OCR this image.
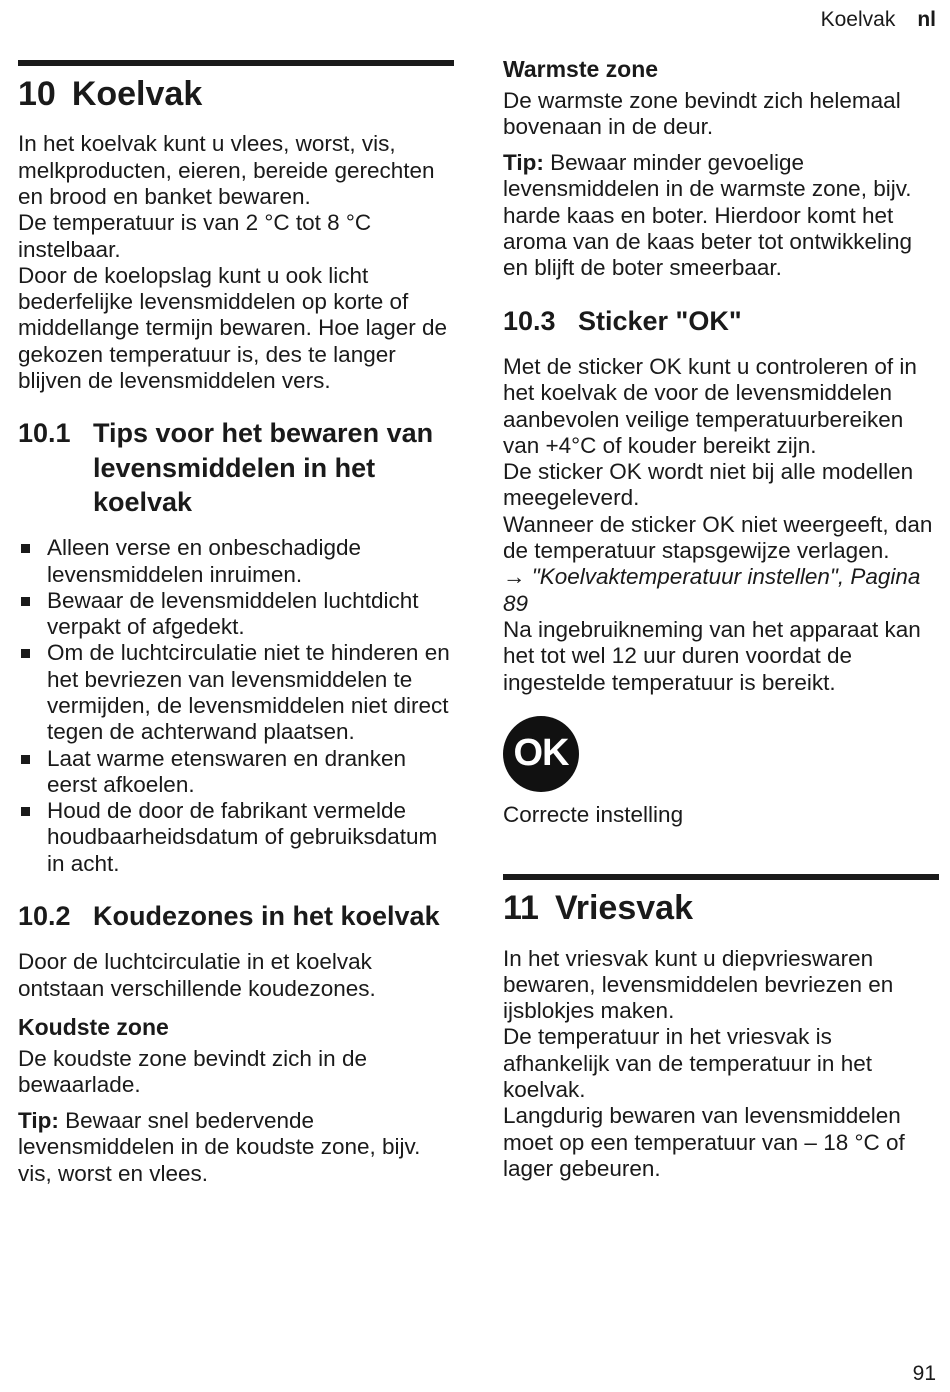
Koelvak nl
10 Koelvak

In het koelvak kunt u vlees, worst, vis, melkproducten, eieren, bereide gerechten en brood en banket bewaren.

De temperatuur is van 2 °C tot 8 °C instelbaar.

Door de koelopslag kunt u ook licht bederfelijke levensmiddelen op korte of middellange termijn bewaren. Hoe lager de gekozen temperatuur is, des te langer blijven de levensmiddelen vers.

10.1 Tips voor het bewaren van levensmiddelen in het koelvak
Alleen verse en onbeschadigde levensmiddelen inruimen.
Bewaar de levensmiddelen luchtdicht verpakt of afgedekt.
Om de luchtcirculatie niet te hinderen en het bevriezen van levensmiddelen te vermijden, de levensmiddelen niet direct tegen de achterwand plaatsen.
Laat warme etenswaren en dranken eerst afkoelen.
Houd de door de fabrikant vermelde houdbaarheidsdatum of gebruiksdatum in acht.
10.2 Koudezones in het koelvak

Door de luchtcirculatie in et koelvak ontstaan verschillende koudezones.

Koudste zone

De koudste zone bevindt zich in de bewaarlade.

Tip: Bewaar snel bedervende levensmiddelen in de koudste zone, bijv. vis, worst en vlees.

Warmste zone

De warmste zone bevindt zich helemaal bovenaan in de deur.

Tip: Bewaar minder gevoelige levensmiddelen in de warmste zone, bijv. harde kaas en boter. Hierdoor komt het aroma van de kaas beter tot ontwikkeling en blijft de boter smeerbaar.

10.3 Sticker "OK"

Met de sticker OK kunt u controleren of in het koelvak de voor de levensmiddelen aanbevolen veilige temperatuurbereiken van +4°C of kouder bereikt zijn.

De sticker OK wordt niet bij alle modellen meegeleverd.

Wanneer de sticker OK niet weergeeft, dan de temperatuur stapsgewijze verlagen.

→ "Koelvaktemperatuur instellen", Pagina 89

Na ingebruikneming van het apparaat kan het tot wel 12 uur duren voordat de ingestelde temperatuur is bereikt.

OK

Correcte instelling

11 Vriesvak

In het vriesvak kunt u diepvrieswaren bewaren, levensmiddelen bevriezen en ijsblokjes maken.

De temperatuur in het vriesvak is afhankelijk van de temperatuur in het koelvak.

Langdurig bewaren van levensmiddelen moet op een temperatuur van – 18 °C of lager gebeuren.

91
